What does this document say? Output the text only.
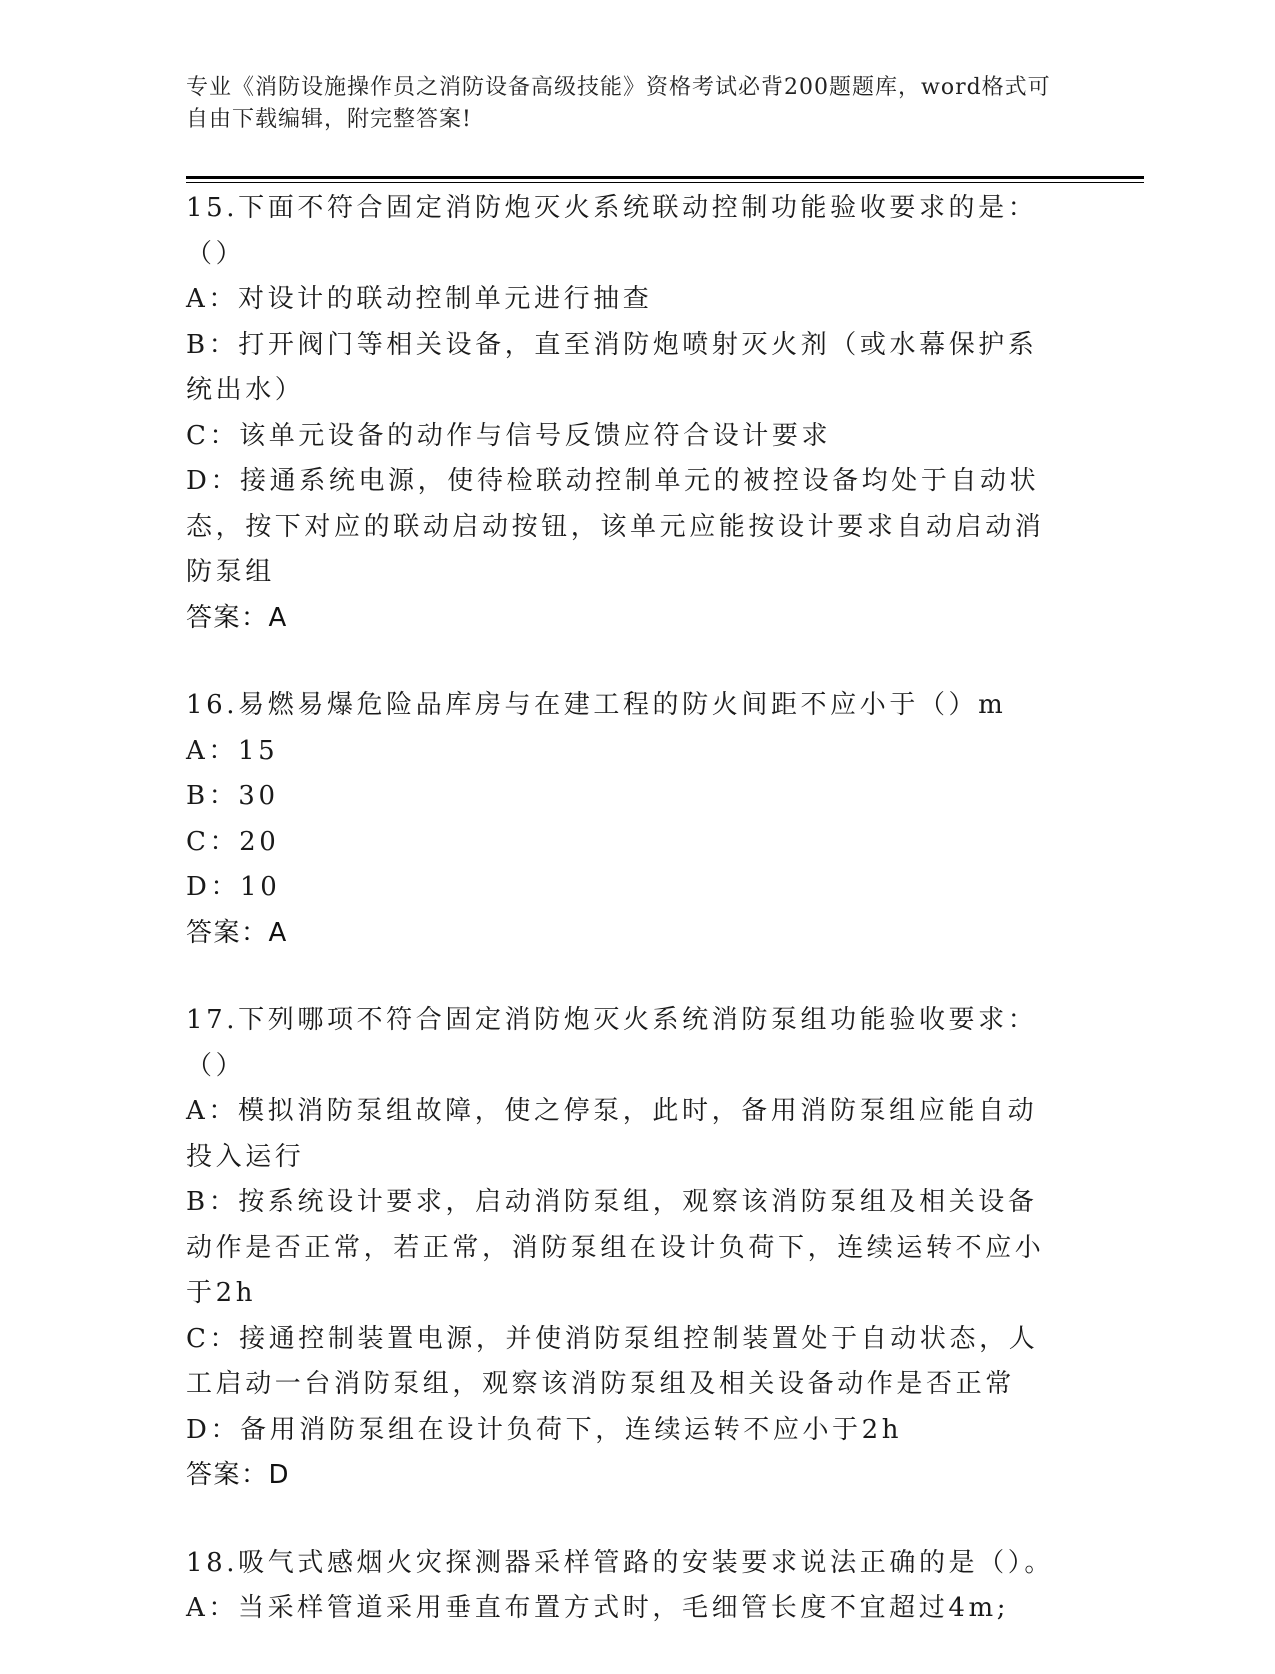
专业《消防设施操作员之消防设备高级技能》资格考试必背200题题库，word格式可自由下载编辑，附完整答案!
15.下面不符合固定消防炮灭火系统联动控制功能验收要求的是：（）
A：对设计的联动控制单元进行抽查
B：打开阀门等相关设备，直至消防炮喷射灭火剂（或水幕保护系统出水）
C：该单元设备的动作与信号反馈应符合设计要求
D：接通系统电源，使待检联动控制单元的被控设备均处于自动状态，按下对应的联动启动按钮，该单元应能按设计要求自动启动消防泵组
答案：A
16.易燃易爆危险品库房与在建工程的防火间距不应小于（）m
A：15
B：30
C：20
D：10
答案：A
17.下列哪项不符合固定消防炮灭火系统消防泵组功能验收要求：（）
A：模拟消防泵组故障，使之停泵，此时，备用消防泵组应能自动投入运行
B：按系统设计要求，启动消防泵组，观察该消防泵组及相关设备动作是否正常，若正常，消防泵组在设计负荷下，连续运转不应小于2h
C：接通控制装置电源，并使消防泵组控制装置处于自动状态，人工启动一台消防泵组，观察该消防泵组及相关设备动作是否正常
D：备用消防泵组在设计负荷下，连续运转不应小于2h
答案：D
18.吸气式感烟火灾探测器采样管路的安装要求说法正确的是（）。
A：当采样管道采用垂直布置方式时，毛细管长度不宜超过4m;
